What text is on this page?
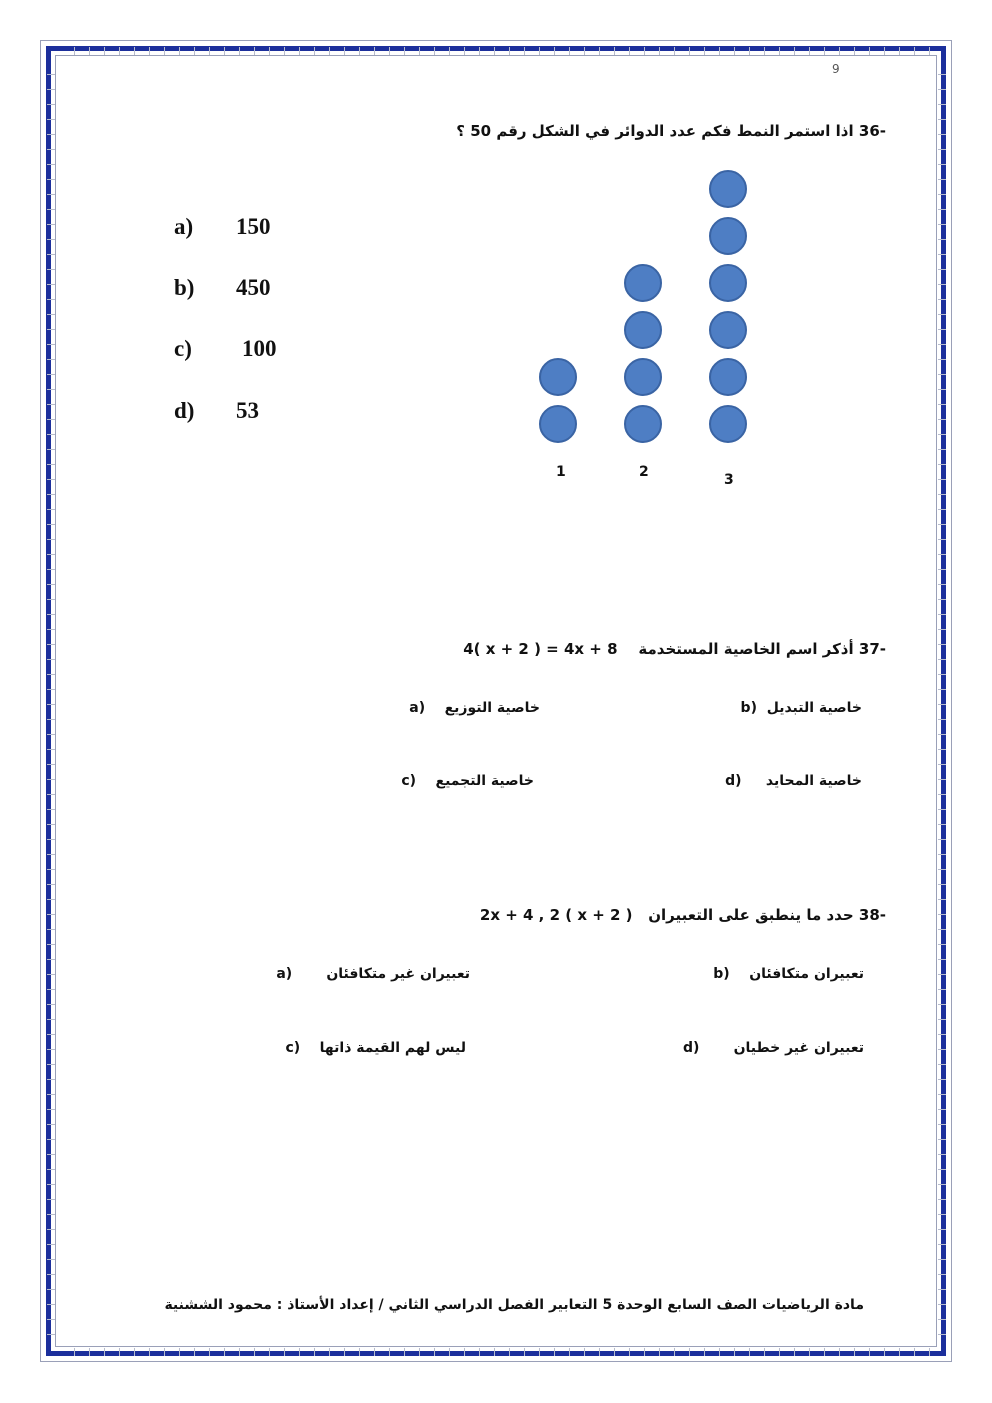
9
36- اذا استمر النمط فكم عدد الدوائر في الشكل رقم 50 ؟
a) 150
b) 450
c) 100
d) 53
1	2	3
37- أذكر اسم الخاصية المستخدمة    4( x + 2 ) = 4x + 8
خاصية التبديل  b)
خاصية التوزيع    a)
خاصية المحايد     d)
خاصية التجميع    c)
38- حدد ما ينطبق على التعبيران   2x + 4 , 2 ( x + 2 )
تعبيران متكافئان    b)
تعبيران غير متكافئان       a)
تعبيران غير خطيان       d)
ليس لهم القيمة ذاتها    c)
مادة الرياضيات الصف السابع الوحدة 5 التعابير الفصل الدراسي الثاني / إعداد الأستاذ : محمود الششنية
